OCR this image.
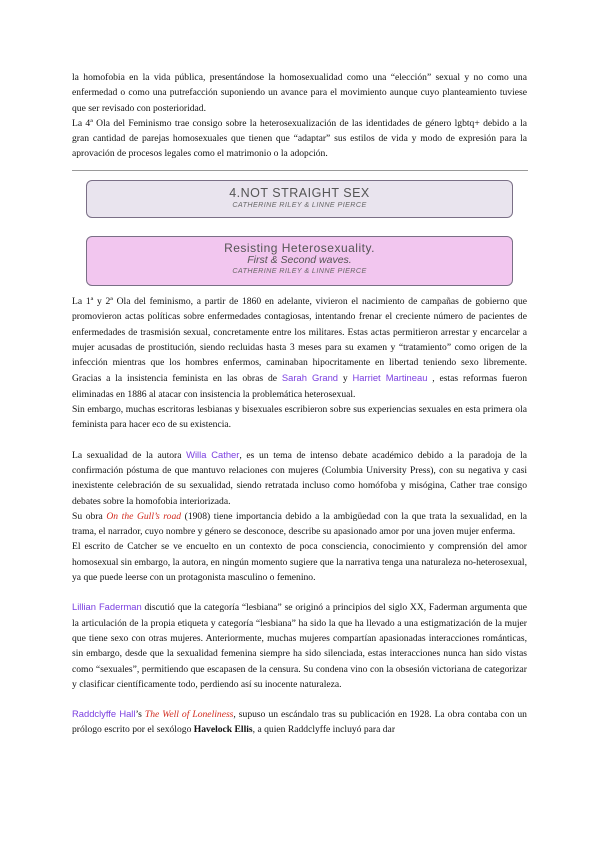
la homofobia en la vida pública, presentándose la homosexualidad como una “elección” sexual y no como una enfermedad o como una putrefacción suponiendo un avance para el movimiento aunque cuyo planteamiento tuviese que ser revisado con posterioridad.

La 4ª Ola del Feminismo trae consigo sobre la heterosexualización de las identidades de género lgbtq+ debido a la gran cantidad de parejas homosexuales que tienen que “adaptar” sus estilos de vida y modo de expresión para la aprovación de procesos legales como el matrimonio o la adopción.

4.NOT STRAIGHT SEX
CATHERINE RILEY & LINNE PIERCE
Resisting Heterosexuality.
First & Second waves.
CATHERINE RILEY & LINNE PIERCE

La 1ª y 2ª Ola del feminismo, a partir de 1860 en adelante, vivieron el nacimiento de campañas de gobierno que promovieron actas políticas sobre enfermedades contagiosas, intentando frenar el creciente número de pacientes de enfermedades de trasmisión sexual, concretamente entre los militares. Estas actas permitieron arrestar y encarcelar a mujer acusadas de prostitución, siendo recluidas hasta 3 meses para su examen y “tratamiento” como origen de la infección mientras que los hombres enfermos, caminaban hipocritamente en libertad teniendo sexo libremente. Gracias a la insistencia feminista en las obras de Sarah Grand y Harriet Martineau , estas reformas fueron eliminadas en 1886 al atacar con insistencia la problemática heterosexual.

Sin embargo, muchas escritoras lesbianas y bisexuales escribieron sobre sus experiencias sexuales en esta primera ola feminista para hacer eco de su existencia.

La sexualidad de la autora Willa Cather, es un tema de intenso debate académico debido a la paradoja de la confirmación póstuma de que mantuvo relaciones con mujeres (Columbia University Press), con su negativa y casi inexistente celebración de su sexualidad, siendo retratada incluso como homófoba y misógina, Cather trae consigo debates sobre la homofobia interiorizada.

Su obra On the Gull’s road (1908) tiene importancia debido a la ambigüedad con la que trata la sexualidad, en la trama, el narrador, cuyo nombre y género se desconoce, describe su apasionado amor por una joven mujer enferma.

El escrito de Catcher se ve encuelto en un contexto de poca consciencia, conocimiento y comprensión del amor homosexual sin embargo, la autora, en ningún momento sugiere que la narrativa tenga una naturaleza no-heterosexual, ya que puede leerse con un protagonista masculino o femenino.

Lillian Faderman discutió que la categoría “lesbiana” se originó a principios del siglo XX, Faderman argumenta que la articulación de la propia etiqueta y categoría “lesbiana” ha sido la que ha llevado a una estigmatización de la mujer que tiene sexo con otras mujeres. Anteriormente, muchas mujeres compartían apasionadas interacciones románticas, sin embargo, desde que la sexualidad femenina siempre ha sido silenciada, estas interacciones nunca han sido vistas como “sexuales”, permitiendo que escapasen de la censura. Su condena vino con la obsesión victoriana de categorizar y clasificar científicamente todo, perdiendo así su inocente naturaleza.

Raddclyffe Hall’s The Well of Loneliness, supuso un escándalo tras su publicación en 1928. La obra contaba con un prólogo escrito por el sexólogo Havelock Ellis, a quien Raddclyffe incluyó para dar
